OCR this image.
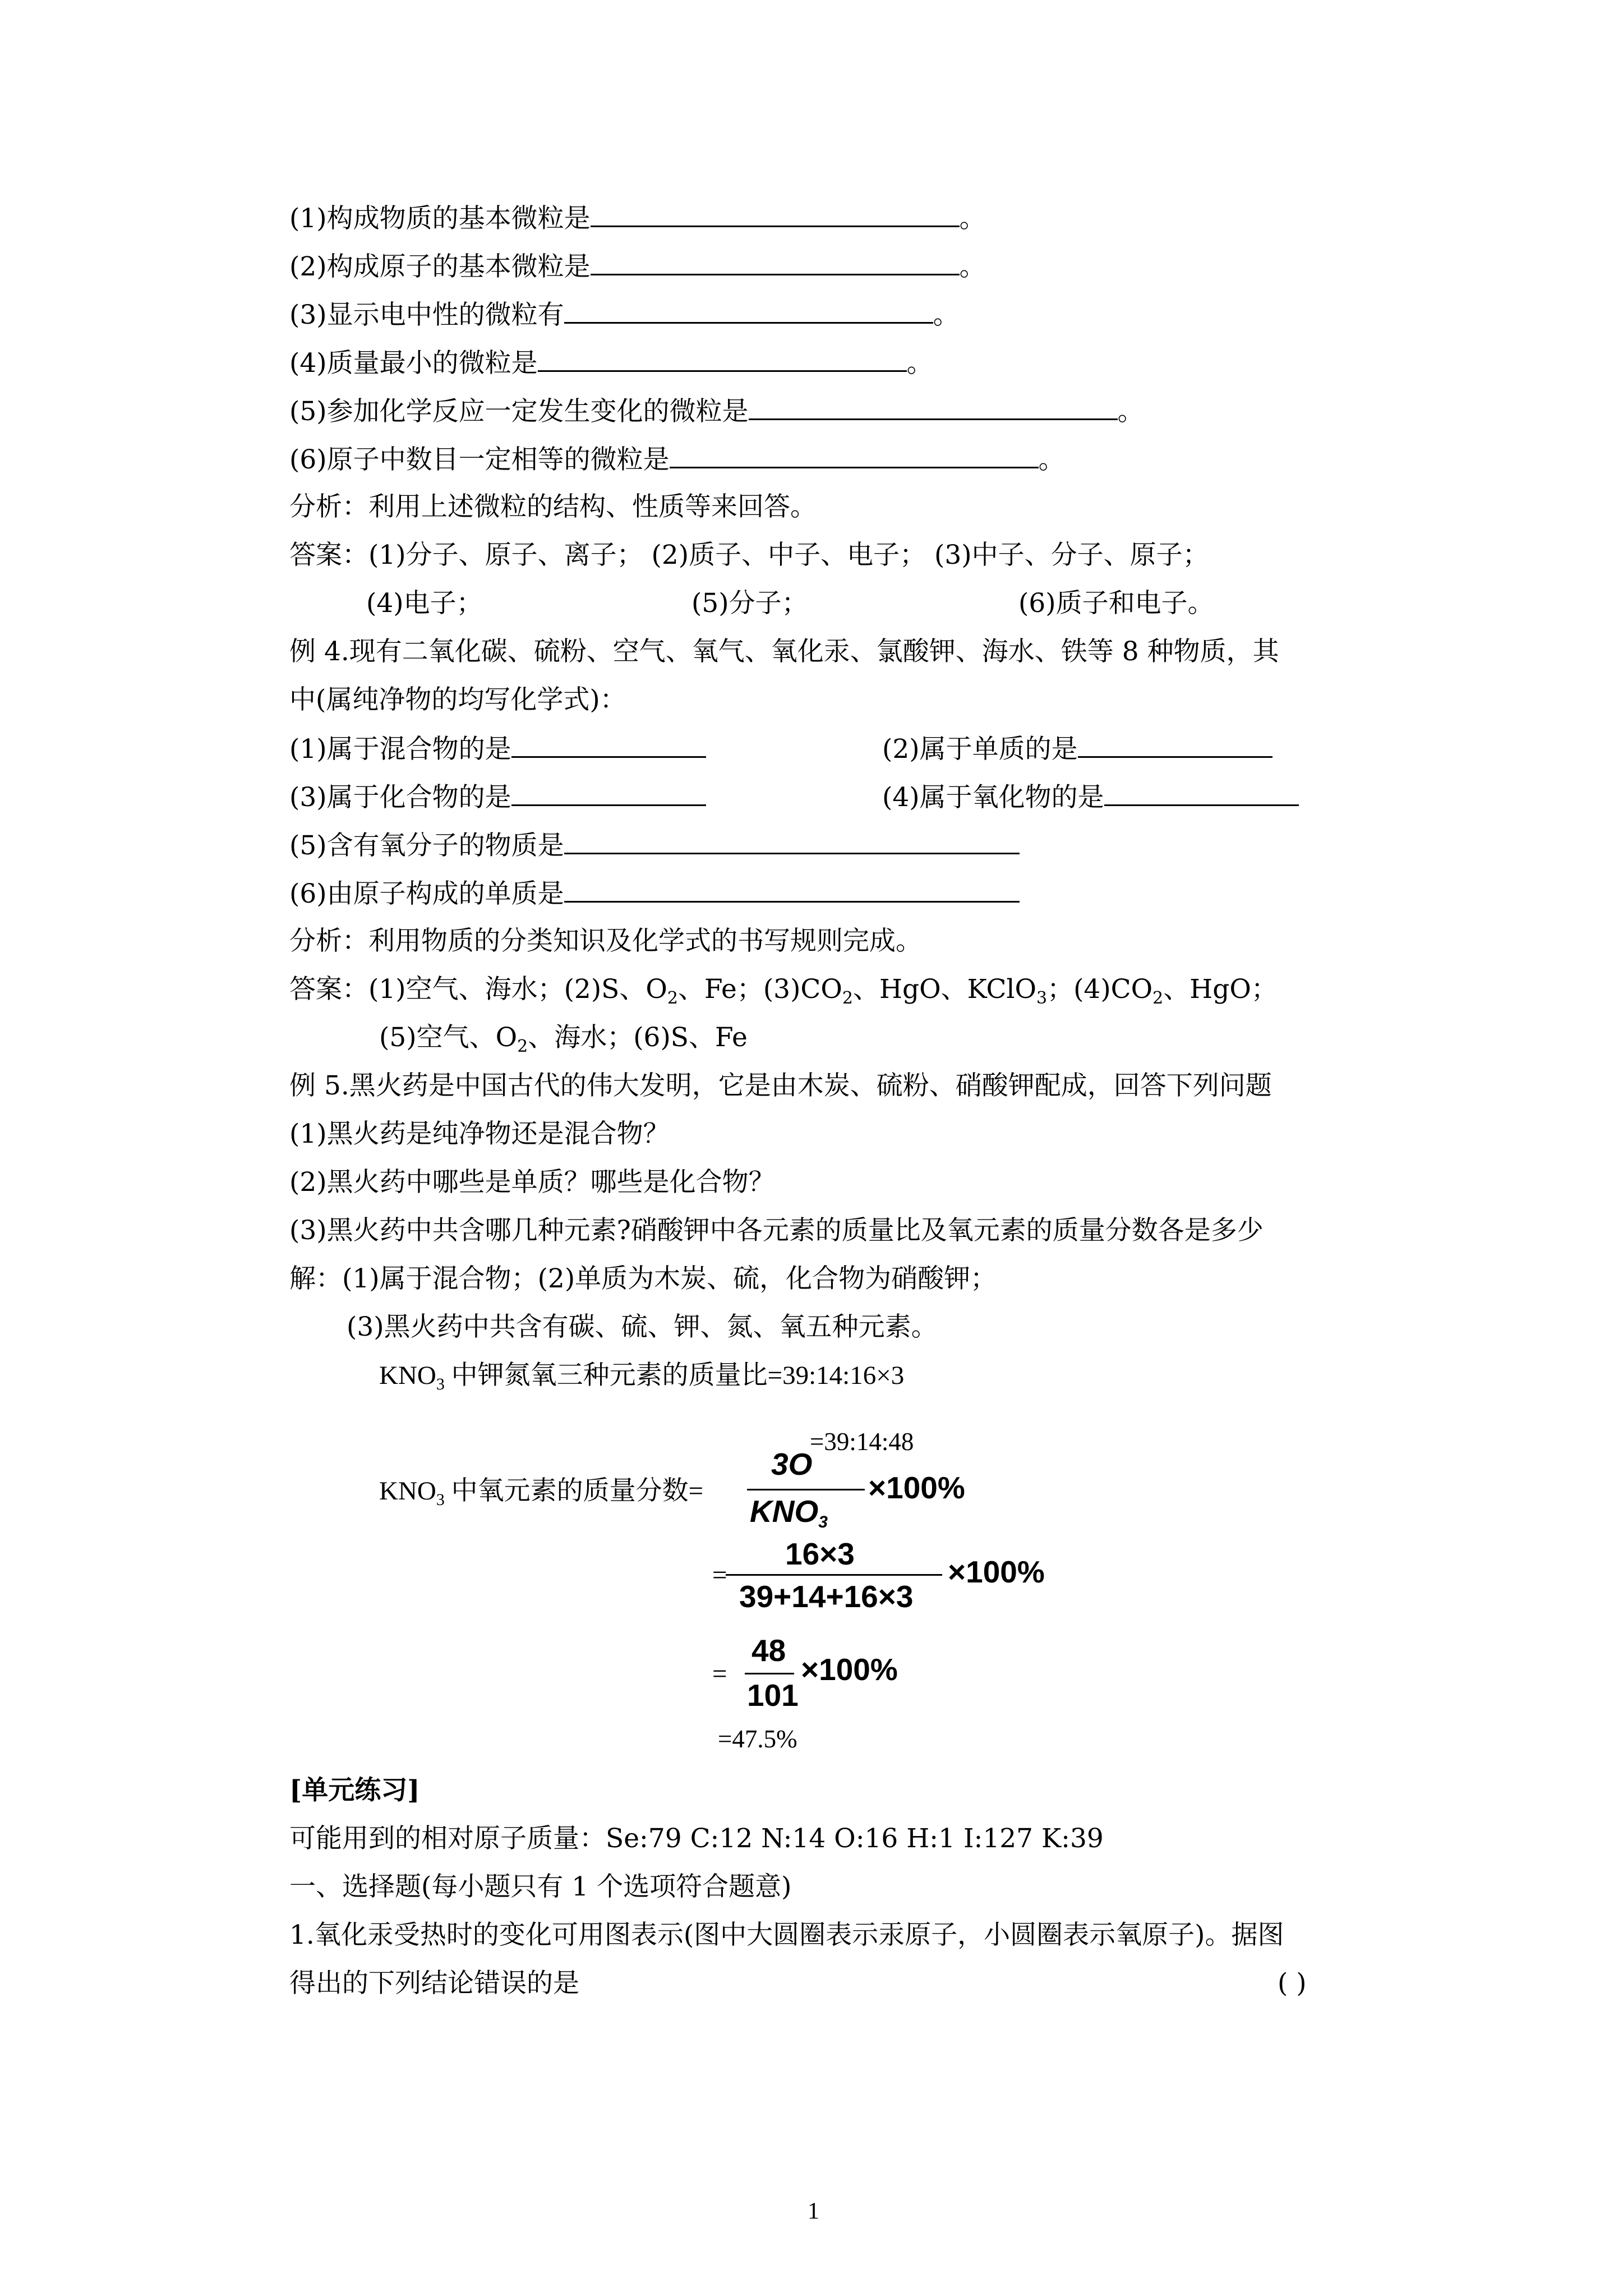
(1)构成物质的基本微粒是	。
(2)构成原子的基本微粒是	。
(3)显示电中性的微粒有	。
(4)质量最小的微粒是	。
(5)参加化学反应一定发生变化的微粒是	。
(6)原子中数目一定相等的微粒是	。
分析：利用上述微粒的结构、性质等来回答。
答案：(1)分子、原子、离子； (2)质子、中子、电子； (3)中子、分子、原子；
(4)电子；	(5)分子；	(6)质子和电子。
例 4.现有二氧化碳、硫粉、空气、氧气、氧化汞、氯酸钾、海水、铁等 8 种物质，其
中(属纯净物的均写化学式)：
(1)属于混合物的是	(2)属于单质的是
(3)属于化合物的是	(4)属于氧化物的是
(5)含有氧分子的物质是
(6)由原子构成的单质是
分析：利用物质的分类知识及化学式的书写规则完成。
答案：(1)空气、海水；(2)S、$O_2$、Fe；$(3)CO_2$、HgO、KClO$_3$；$(4)CO_2$、HgO；
(5)空气、$O_2$、海水；(6)S、Fe
例 5.黑火药是中国古代的伟大发明，它是由木炭、硫粉、硝酸钾配成，回答下列问题
(1)黑火药是纯净物还是混合物？
(2)黑火药中哪些是单质？哪些是化合物？
(3)黑火药中共含哪几种元素?硝酸钾中各元素的质量比及氧元素的质量分数各是多少
解：(1)属于混合物；(2)单质为木炭、硫，化合物为硝酸钾；
(3)黑火药中共含有碳、硫、钾、氮、氧五种元素。
$KNO_3$ 中钾氮氧三种元素的质量比=39:14:16×3
=39:14:48
$KNO_3$ 中氧元素的质量分数=
3O
$KNO_3$
×100%
=
16×3
39+14+16×3
×100%
=
48
101
×100%
=47.5%
[单元练习]
可能用到的相对原子质量：Se:79 C:12 N:14 O:16 H:1 I:127 K:39
一、选择题(每小题只有 1 个选项符合题意)
1.氧化汞受热时的变化可用图表示(图中大圆圈表示汞原子，小圆圈表示氧原子)。据图
得出的下列结论错误的是	( )
1
